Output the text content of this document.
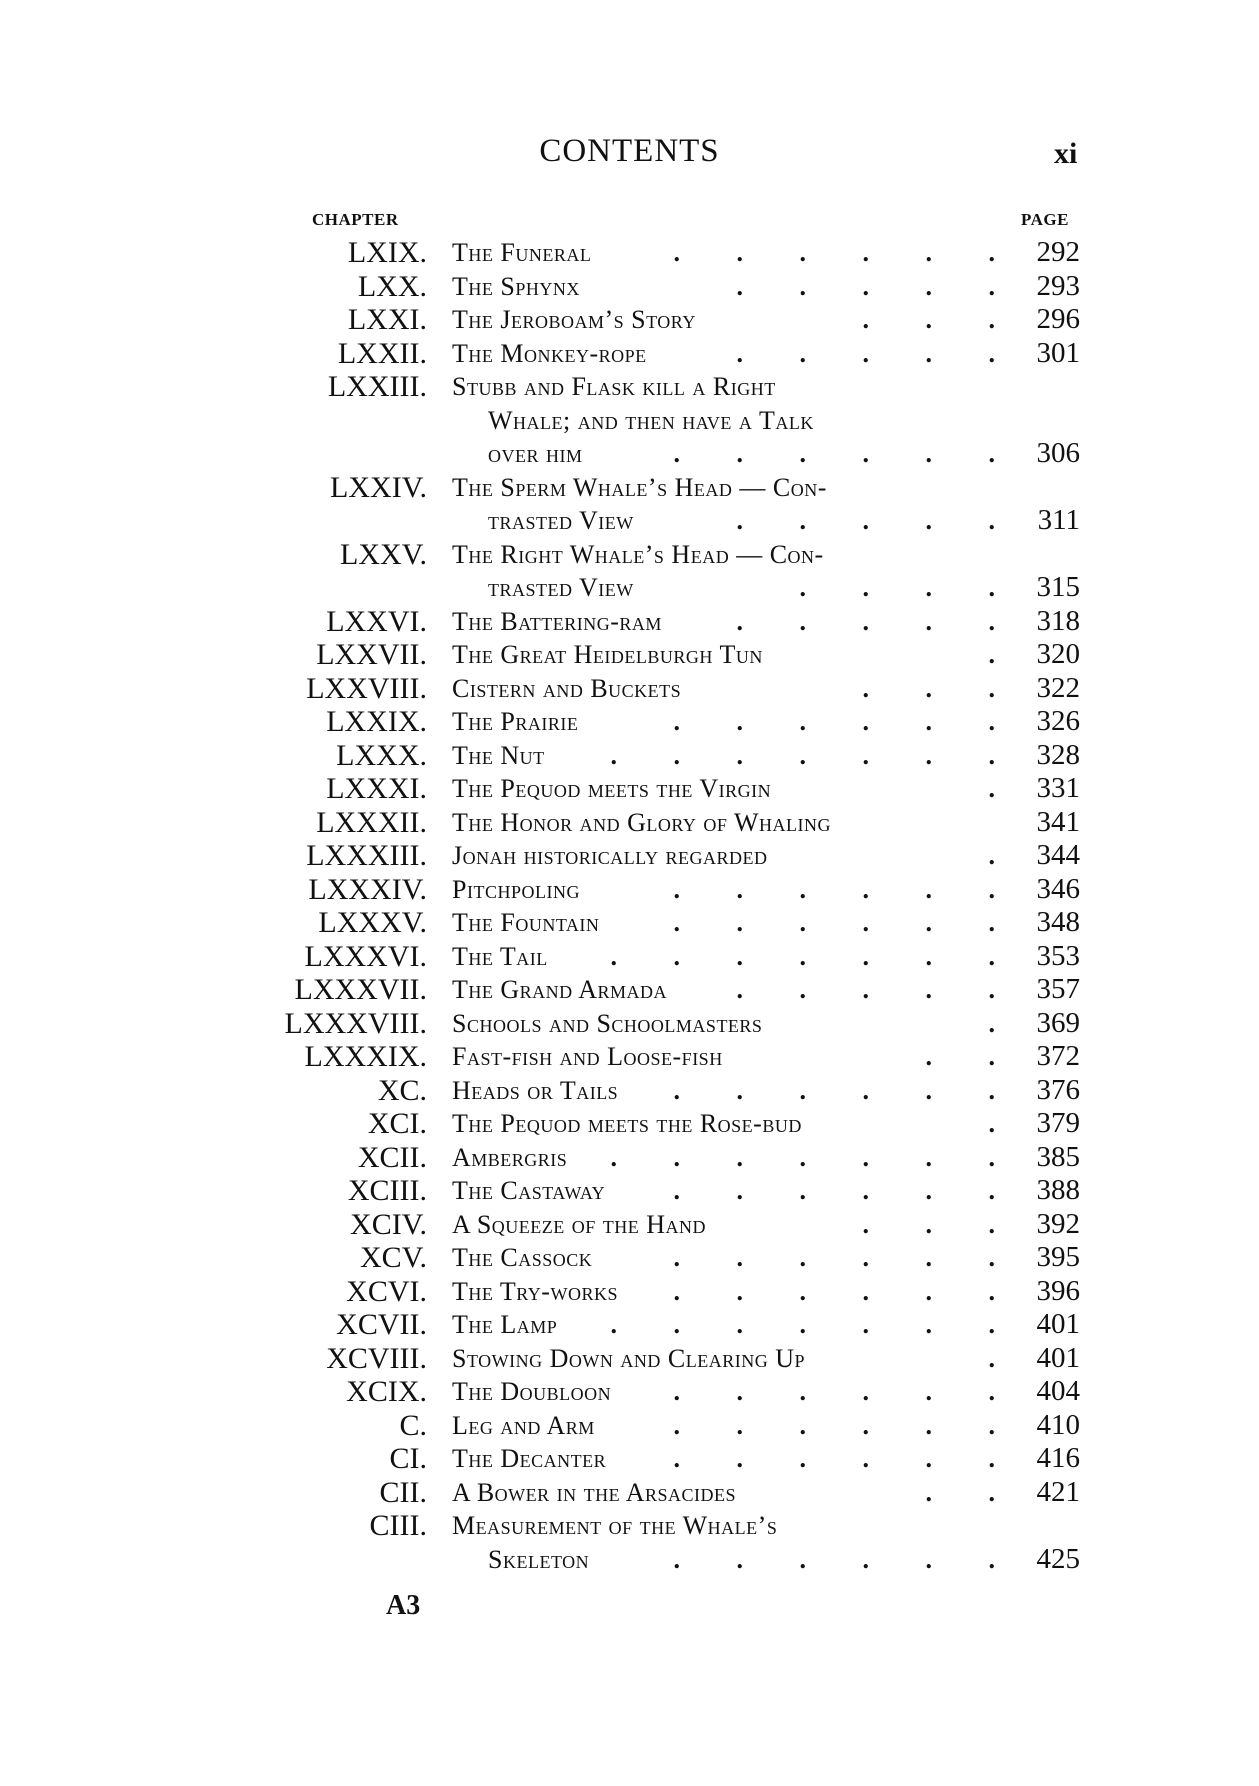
CONTENTS	xi
CHAPTER	PAGE
LXIX. The Funeral	. . . . . . 292
LXX. The Sphynx	. . . . . 293
LXXI. The Jeroboam’s Story	. . . 296
LXXII. The Monkey-rope	. . . . . 301
LXXIII. Stubb and Flask kill a Right
Whale; and then have a Talk
over him	. . . . . . 306
LXXIV. The Sperm Whale’s Head — Con-
trasted View	. . . . . 311
LXXV. The Right Whale’s Head — Con-
trasted View	. . . . 315
LXXVI. The Battering-ram	. . . . . 318
LXXVII. The Great Heidelburgh Tun	. 320
LXXVIII. Cistern and Buckets	. . . 322
LXXIX. The Prairie	. . . . . . 326
LXXX. The Nut	. . . . . . . 328
LXXXI. The Pequod meets the Virgin	. 331
LXXXII. The Honor and Glory of Whaling	341
LXXXIII. Jonah historically regarded	. 344
LXXXIV. Pitchpoling	. . . . . . 346
LXXXV. The Fountain	. . . . . . 348
LXXXVI. The Tail . . . . . . . 353
LXXXVII. The Grand Armada	. . . . . 357
LXXXVIII. Schools and Schoolmasters	. 369
LXXXIX. Fast-fish and Loose-fish	. . 372
XC. Heads or Tails . . . . . . 376
XCI. The Pequod meets the Rose-bud	. 379
XCII. Ambergris . . . . . . . 385
XCIII. The Castaway	. . . . . . 388
XCIV. A Squeeze of the Hand	. . . 392
XCV. The Cassock	. . . . . . 395
XCVI. The Try-works . . . . . . 396
XCVII. The Lamp . . . . . . . 401
XCVIII. Stowing Down and Clearing Up	. 401
XCIX. The Doubloon . . . . . . 404
C. Leg and Arm	. . . . . . 410
CI. The Decanter	. . . . . . 416
CII. A Bower in the Arsacides	. . 421
CIII. Measurement of the Whale’s
Skeleton	. . . . . . 425
A3
